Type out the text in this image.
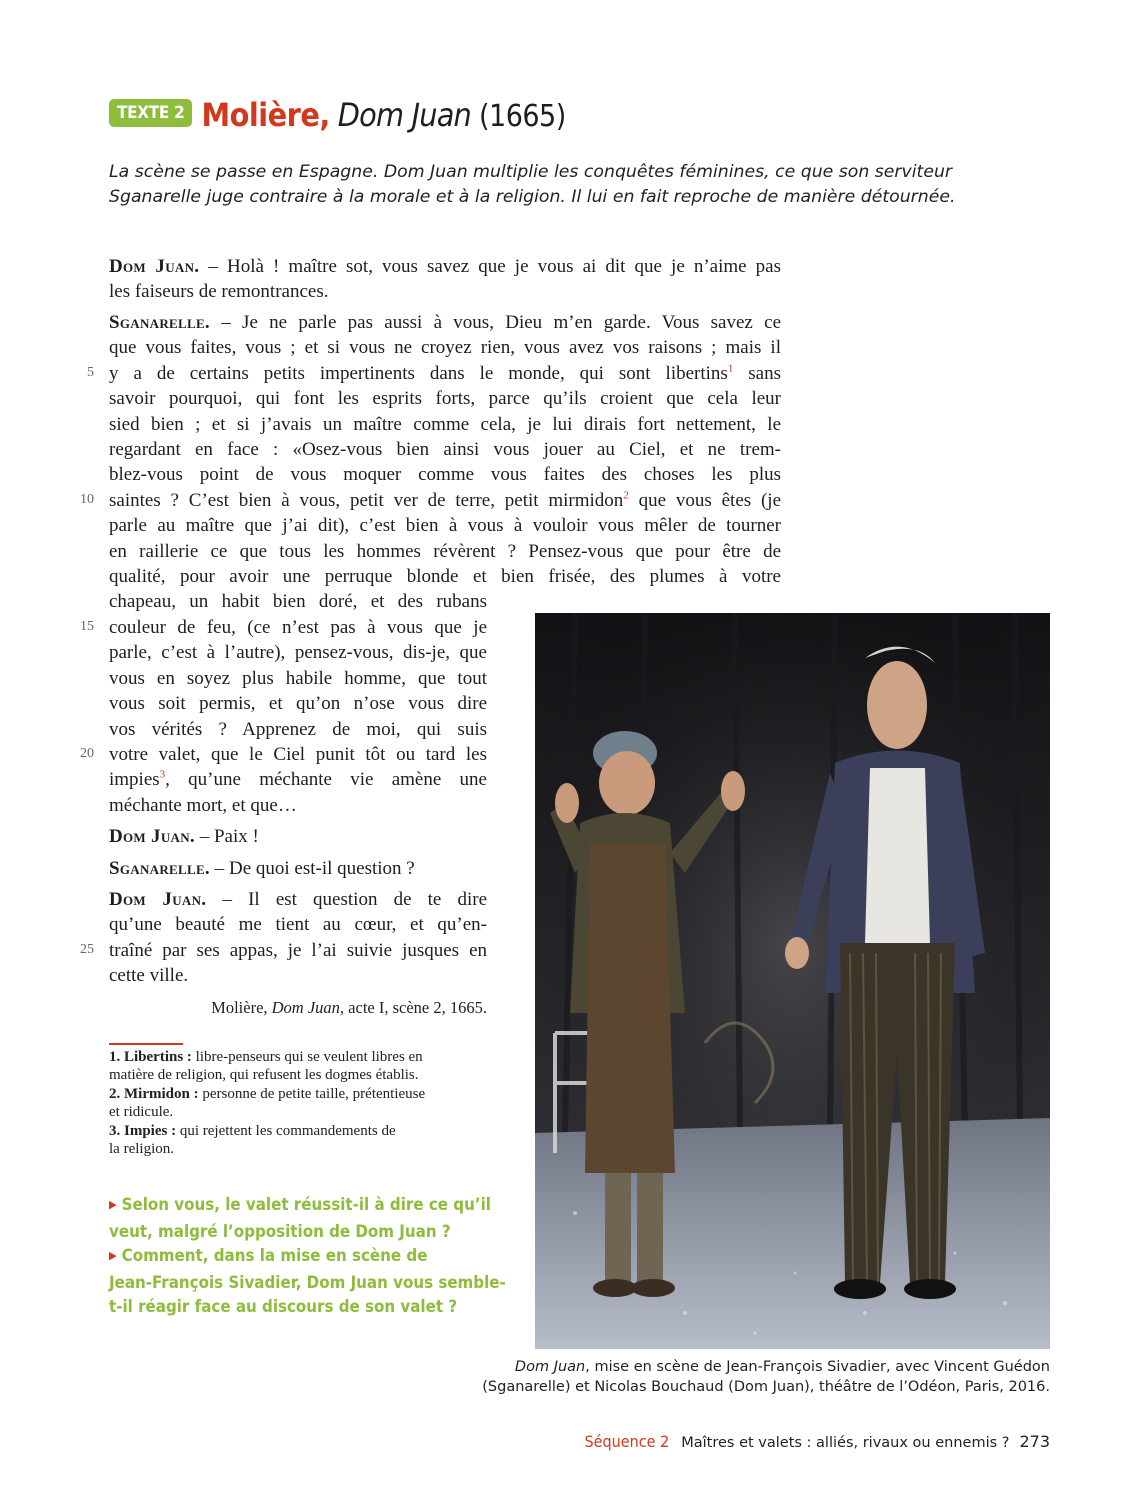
TEXTE 2 Molière, Dom Juan (1665)

La scène se passe en Espagne. Dom Juan multiplie les conquêtes féminines, ce que son serviteur
Sganarelle juge contraire à la morale et à la religion. Il lui en fait reproche de manière détournée.

Dom Juan. – Holà ! maître sot, vous savez que je vous ai dit que je n’aime pas
les faiseurs de remontrances.

Sganarelle. – Je ne parle pas aussi à vous, Dieu m’en garde. Vous savez ce
que vous faites, vous ; et si vous ne croyez rien, vous avez vos raisons ; mais il
y a de certains petits impertinents dans le monde, qui sont libertins$^1$ sans
savoir pourquoi, qui font les esprits forts, parce qu’ils croient que cela leur
sied bien ; et si j’avais un maître comme cela, je lui dirais fort nettement, le
regardant en face : «Osez-vous bien ainsi vous jouer au Ciel, et ne trem-
blez-vous point de vous moquer comme vous faites des choses les plus
saintes ? C’est bien à vous, petit ver de terre, petit mirmidon$^2$ que vous êtes (je
parle au maître que j’ai dit), c’est bien à vous à vouloir vous mêler de tourner
en raillerie ce que tous les hommes révèrent ? Pensez-vous que pour être de
qualité, pour avoir une perruque blonde et bien frisée, des plumes à votre
chapeau, un habit bien doré, et des rubans
couleur de feu, (ce n’est pas à vous que je
parle, c’est à l’autre), pensez-vous, dis-je, que
vous en soyez plus habile homme, que tout
vous soit permis, et qu’on n’ose vous dire
vos vérités ? Apprenez de moi, qui suis
votre valet, que le Ciel punit tôt ou tard les
impies$^3$, qu’une méchante vie amène une
méchante mort, et que…

Dom Juan. – Paix !

Sganarelle. – De quoi est-il question ?

Dom Juan. – Il est question de te dire
qu’une beauté me tient au cœur, et qu’en-
traîné par ses appas, je l’ai suivie jusques en
cette ville.

5
10
15
20
25
Molière, Dom Juan, acte I, scène 2, 1665.
1. Libertins : libre-penseurs qui se veulent libres en
matière de religion, qui refusent les dogmes établis.
2. Mirmidon : personne de petite taille, prétentieuse
et ridicule.
3. Impies : qui rejettent les commandements de
la religion.
▶ Selon vous, le valet réussit-il à dire ce qu’il
veut, malgré l’opposition de Dom Juan ?
▶ Comment, dans la mise en scène de
Jean-François Sivadier, Dom Juan vous semble-
t-il réagir face au discours de son valet ?
Dom Juan, mise en scène de Jean-François Sivadier, avec Vincent Guédon
(Sganarelle) et Nicolas Bouchaud (Dom Juan), théâtre de l’Odéon, Paris, 2016.
Séquence 2 Maîtres et valets : alliés, rivaux ou ennemis ? 273
